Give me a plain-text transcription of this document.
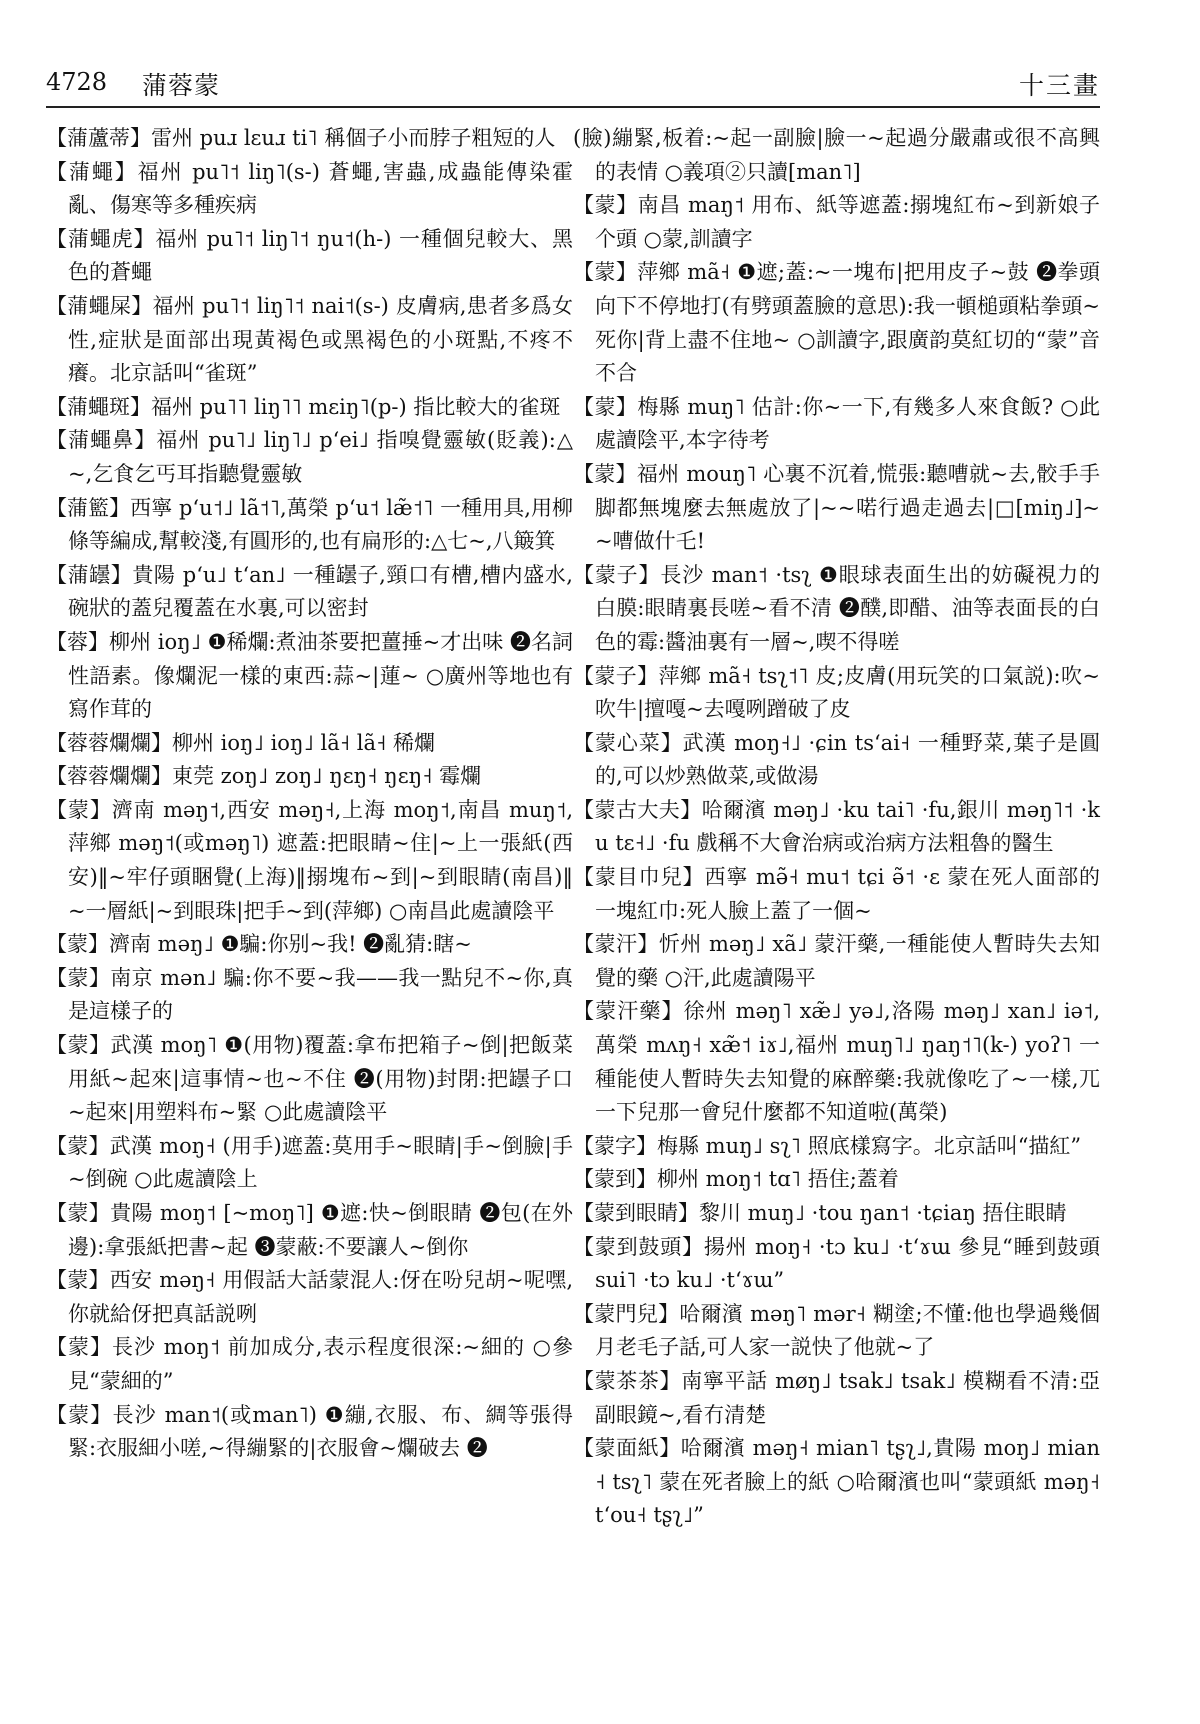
4728 蒲蓉蒙	十三畫

【蒲蘆蒂】雷州 puɹ lɛuɹ ti˥ 稱個子小而脖子粗短的人

【蒲蠅】福州 pu˥˦ liŋ˥(s-) 蒼蠅,害蟲,成蟲能傳染霍亂、傷寒等多種疾病

【蒲蠅虎】福州 pu˥˦ liŋ˥˦ ŋu˦(h-) 一種個兒較大、黑色的蒼蠅

【蒲蠅屎】福州 pu˥˦ liŋ˥˦ nai˦(s-) 皮膚病,患者多爲女性,症狀是面部出現黃褐色或黑褐色的小斑點,不疼不癢。北京話叫“雀斑”

【蒲蠅斑】福州 pu˥˥ liŋ˥˥ mɛiŋ˥(p-) 指比較大的雀斑

【蒲蠅鼻】福州 pu˥˩ liŋ˥˩ pʻei˩ 指嗅覺靈敏(貶義):△~,乞食乞丐耳指聽覺靈敏

【蒲籃】西寧 pʻu˦˩ lã˦˥,萬榮 pʻu˦ læ̃˦˥ 一種用具,用柳條等編成,幫較淺,有圓形的,也有扁形的:△七~,八簸箕

【蒲罎】貴陽 pʻu˩ tʻan˩ 一種罎子,頸口有槽,槽内盛水,碗狀的蓋兒覆蓋在水裏,可以密封

【蓉】柳州 ioŋ˩ ❶稀爛:煮油茶要把薑捶~才出味 ❷名詞性語素。像爛泥一樣的東西:蒜~|蓮~ ○廣州等地也有寫作茸的

【蓉蓉爛爛】柳州 ioŋ˩ ioŋ˩ lã˧ lã˧ 稀爛

【蓉蓉爛爛】東莞 zoŋ˩ zoŋ˩ ŋɛŋ˧ ŋɛŋ˧ 霉爛

【蒙】濟南 məŋ˦,西安 məŋ˧,上海 moŋ˦,南昌 muŋ˦,萍鄉 məŋ˦(或məŋ˥) 遮蓋:把眼睛~住|~上一張紙(西安)‖~牢仔頭睏覺(上海)‖搦塊布~到|~到眼睛(南昌)‖~一層紙|~到眼珠|把手~到(萍鄉) ○南昌此處讀陰平

【蒙】濟南 məŋ˩ ❶騙:你别~我! ❷亂猜:瞎~

【蒙】南京 mən˩ 騙:你不要~我——我一點兒不~你,真是這樣子的

【蒙】武漢 moŋ˥ ❶(用物)覆蓋:拿布把箱子~倒|把飯菜用紙~起來|這事情~也~不住 ❷(用物)封閉:把罎子口~起來|用塑料布~緊 ○此處讀陰平

【蒙】武漢 moŋ˧ (用手)遮蓋:莫用手~眼睛|手~倒臉|手~倒碗 ○此處讀陰上

【蒙】貴陽 moŋ˦ [~moŋ˥] ❶遮:快~倒眼睛 ❷包(在外邊):拿張紙把書~起 ❸蒙蔽:不要讓人~倒你

【蒙】西安 məŋ˧ 用假話大話蒙混人:伢在吩兒胡~呢嘿,你就給伢把真話説咧

【蒙】長沙 moŋ˦ 前加成分,表示程度很深:~細的 ○參見“蒙細的”

【蒙】長沙 man˦(或man˥) ❶繃,衣服、布、綢等張得緊:衣服細小嗟,~得繃緊的|衣服會~爛破去 ❷

(臉)繃緊,板着:~起一副臉|臉一~起過分嚴肅或很不高興的表情 ○義項②只讀[man˥]

【蒙】南昌 maŋ˦ 用布、紙等遮蓋:搦塊紅布~到新娘子个頭 ○蒙,訓讀字

【蒙】萍鄉 mã˧ ❶遮;蓋:~一塊布|把用皮子~鼓 ❷拳頭向下不停地打(有劈頭蓋臉的意思):我一頓槌頭粘拳頭~死你|背上盡不住地~ ○訓讀字,跟廣韵莫紅切的“蒙”音不合

【蒙】梅縣 muŋ˥ 估計:你~一下,有幾多人來食飯? ○此處讀陰平,本字待考

【蒙】福州 mouŋ˥ 心裏不沉着,慌張:聽嘈就~去,骹手手脚都無塊麼去無處放了|~~喏行過走過去|□[miŋ˩]~~嘈做什乇!

【蒙子】長沙 man˦ ·tsʅ ❶眼球表面生出的妨礙視力的白膜:眼睛裏長嗟~看不清 ❷醭,即醋、油等表面長的白色的霉:醬油裏有一層~,喫不得嗟

【蒙子】萍鄉 mã˧ tsʅ˦˥ 皮;皮膚(用玩笑的口氣説):吹~吹牛|擅嘎~去嘎咧蹭破了皮

【蒙心菜】武漢 moŋ˧˩ ·ɕin tsʻai˧ 一種野菜,葉子是圓的,可以炒熟做菜,或做湯

【蒙古大夫】哈爾濱 məŋ˩ ·ku tai˥ ·fu,銀川 məŋ˥˦ ·ku tɛ˧˩ ·fu 戲稱不大會治病或治病方法粗魯的醫生

【蒙目巾兒】西寧 mə̃˧ mu˦ tɕi ə̃˦ ·ɛ 蒙在死人面部的一塊紅巾:死人臉上蓋了一個~

【蒙汗】忻州 məŋ˩ xã˩ 蒙汗藥,一種能使人暫時失去知覺的藥 ○汗,此處讀陽平

【蒙汗藥】徐州 məŋ˥ xæ̃˩ yə˩,洛陽 məŋ˩ xan˩ iə˦,萬榮 mʌŋ˧ xæ̃˦ iɤ˩,福州 muŋ˥˩ ŋaŋ˦˥(k-) yoʔ˥ 一種能使人暫時失去知覺的麻醉藥:我就像吃了~一樣,兀一下兒那一會兒什麼都不知道啦(萬榮)

【蒙字】梅縣 muŋ˩ sʅ˥ 照底樣寫字。北京話叫“描紅”

【蒙到】柳州 moŋ˦ tɑ˥ 捂住;蓋着

【蒙到眼睛】黎川 muŋ˩ ·tou ŋan˦ ·tɕiaŋ 捂住眼睛

【蒙到鼓頭】揚州 moŋ˧ ·tɔ ku˩ ·tʻɤɯ 參見“睡到鼓頭 sui˥ ·tɔ ku˩ ·tʻɤɯ”

【蒙門兒】哈爾濱 məŋ˥ mər˧ 糊塗;不懂:他也學過幾個月老毛子話,可人家一説快了他就~了

【蒙茶茶】南寧平話 møŋ˩ tsak˩ tsak˩ 模糊看不清:亞副眼鏡~,看冇清楚

【蒙面紙】哈爾濱 məŋ˧ mian˥ tʂʅ˩,貴陽 moŋ˩ mian˧ tsʅ˥ 蒙在死者臉上的紙 ○哈爾濱也叫“蒙頭紙 məŋ˧ tʻou˧ tʂʅ˩”
